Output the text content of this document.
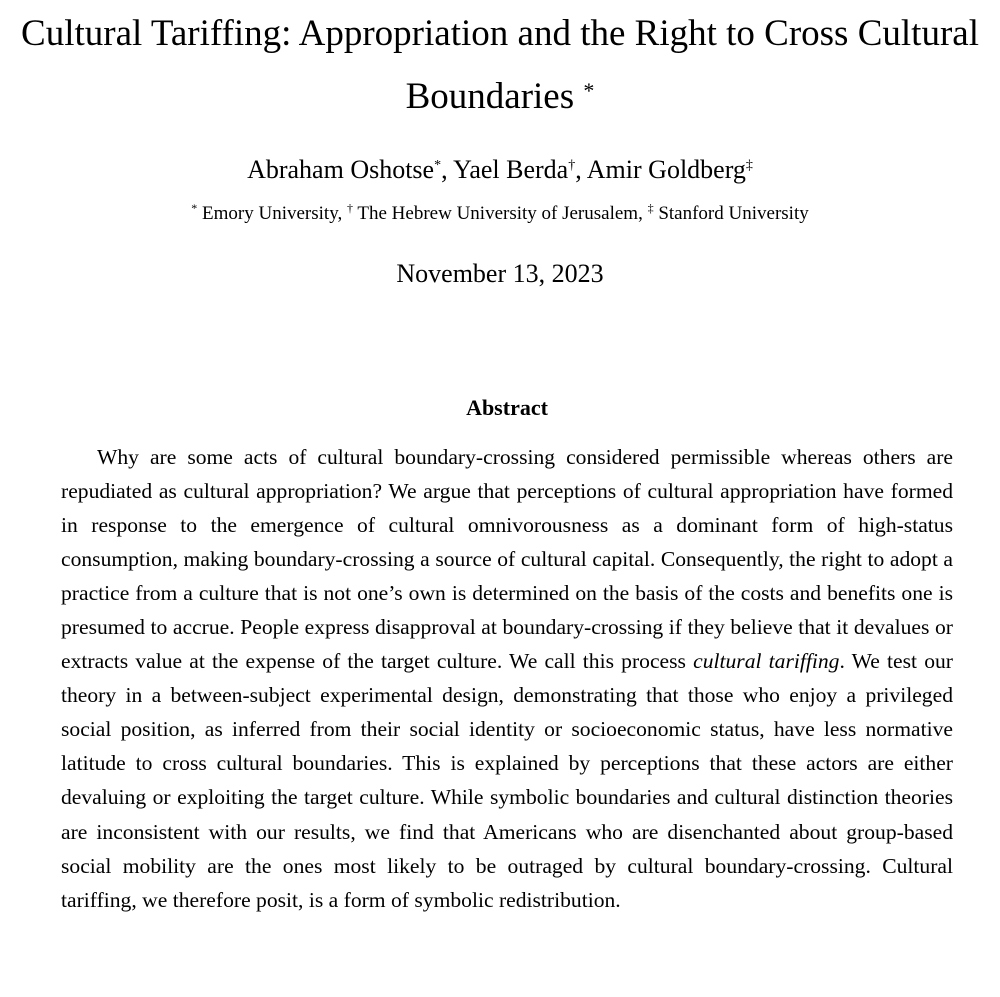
Cultural Tariffing: Appropriation and the Right to Cross Cultural Boundaries *
Abraham Oshotse*, Yael Berda†, Amir Goldberg‡
* Emory University, † The Hebrew University of Jerusalem, ‡ Stanford University
November 13, 2023
Abstract

Why are some acts of cultural boundary-crossing considered permissible whereas others are repudiated as cultural appropriation? We argue that perceptions of cultural appropriation have formed in response to the emergence of cultural omnivorousness as a dominant form of high-status consumption, making boundary-crossing a source of cultural capital. Consequently, the right to adopt a practice from a culture that is not one’s own is determined on the basis of the costs and benefits one is presumed to accrue. People express disapproval at boundary-crossing if they believe that it devalues or extracts value at the expense of the target culture. We call this process cultural tariffing. We test our theory in a between-subject experimental design, demonstrating that those who enjoy a privileged social position, as inferred from their social identity or socioeconomic status, have less normative latitude to cross cultural boundaries. This is explained by perceptions that these actors are either devaluing or exploiting the target culture. While symbolic boundaries and cultural distinction theories are inconsistent with our results, we find that Americans who are disenchanted about group-based social mobility are the ones most likely to be outraged by cultural boundary-crossing. Cultural tariffing, we therefore posit, is a form of symbolic redistribution.
